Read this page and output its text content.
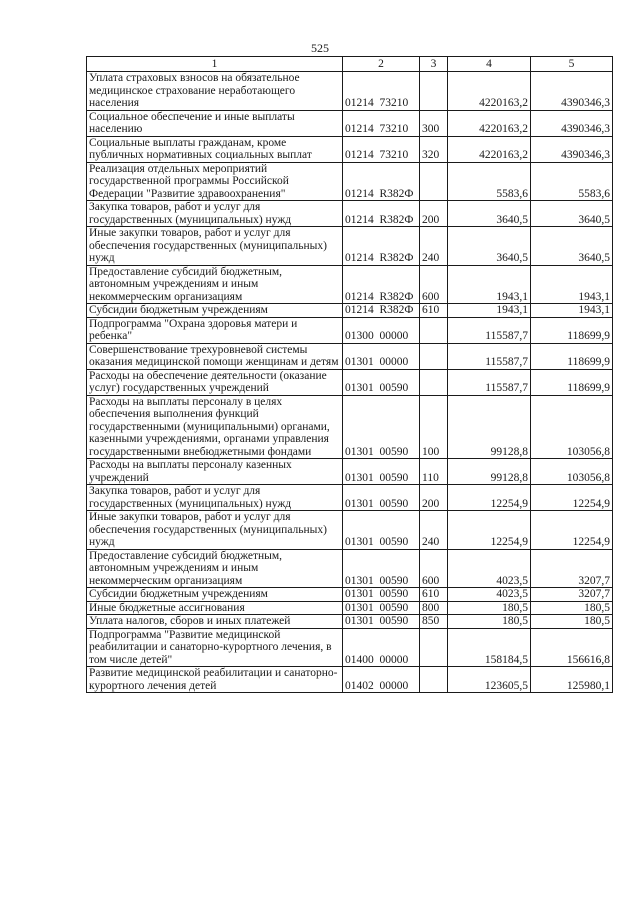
525
1	2	3	4	5
Уплата страховых взносов на обязательное медицинское страхование неработающего населения	01214  73210		4220163,2	4390346,3
Социальное обеспечение и иные выплаты населению	01214  73210	300	4220163,2	4390346,3
Социальные выплаты гражданам, кроме публичных нормативных социальных выплат	01214  73210	320	4220163,2	4390346,3
Реализация отдельных мероприятий государственной программы Российской Федерации "Развитие здравоохранения"	01214  R382Ф		5583,6	5583,6
Закупка товаров, работ и услуг для государственных (муниципальных) нужд	01214  R382Ф	200	3640,5	3640,5
Иные закупки товаров, работ и услуг для обеспечения государственных (муниципальных) нужд	01214  R382Ф	240	3640,5	3640,5
Предоставление субсидий бюджетным, автономным учреждениям и иным некоммерческим организациям	01214  R382Ф	600	1943,1	1943,1
Субсидии бюджетным учреждениям	01214  R382Ф	610	1943,1	1943,1
Подпрограмма "Охрана здоровья матери и ребенка"	01300  00000		115587,7	118699,9
Совершенствование трехуровневой системы оказания медицинской помощи женщинам и детям	01301  00000		115587,7	118699,9
Расходы на обеспечение деятельности (оказание услуг) государственных учреждений	01301  00590		115587,7	118699,9
Расходы на выплаты персоналу в целях обеспечения выполнения функций государственными (муниципальными) органами, казенными учреждениями, органами управления государственными внебюджетными фондами	01301  00590	100	99128,8	103056,8
Расходы на выплаты персоналу казенных учреждений	01301  00590	110	99128,8	103056,8
Закупка товаров, работ и услуг для государственных (муниципальных) нужд	01301  00590	200	12254,9	12254,9
Иные закупки товаров, работ и услуг для обеспечения государственных (муниципальных) нужд	01301  00590	240	12254,9	12254,9
Предоставление субсидий бюджетным, автономным учреждениям и иным некоммерческим организациям	01301  00590	600	4023,5	3207,7
Субсидии бюджетным учреждениям	01301  00590	610	4023,5	3207,7
Иные бюджетные ассигнования	01301  00590	800	180,5	180,5
Уплата налогов, сборов и иных платежей	01301  00590	850	180,5	180,5
Подпрограмма "Развитие медицинской реабилитации и санаторно-курортного лечения, в том числе детей"	01400  00000		158184,5	156616,8
Развитие медицинской реабилитации и санаторно-курортного лечения детей	01402  00000		123605,5	125980,1
